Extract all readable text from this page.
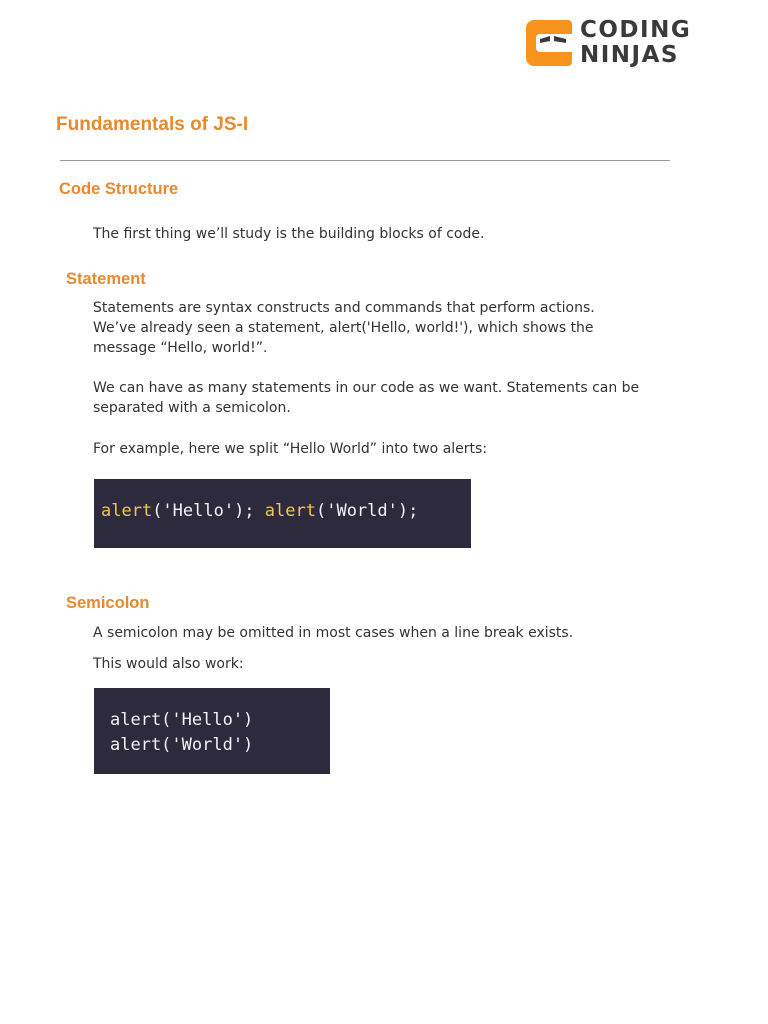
CODING
NINJAS
Fundamentals of JS-I
Code Structure

The first thing we’ll study is the building blocks of code.

Statement

Statements are syntax constructs and commands that perform actions.

We’ve already seen a statement, alert('Hello, world!'), which shows the message “Hello, world!”.

We can have as many statements in our code as we want. Statements can be separated with a semicolon.

For example, here we split “Hello World” into two alerts:

alert('Hello'); alert('World');
Semicolon

A semicolon may be omitted in most cases when a line break exists.

This would also work:

alert('Hello')
alert('World')
